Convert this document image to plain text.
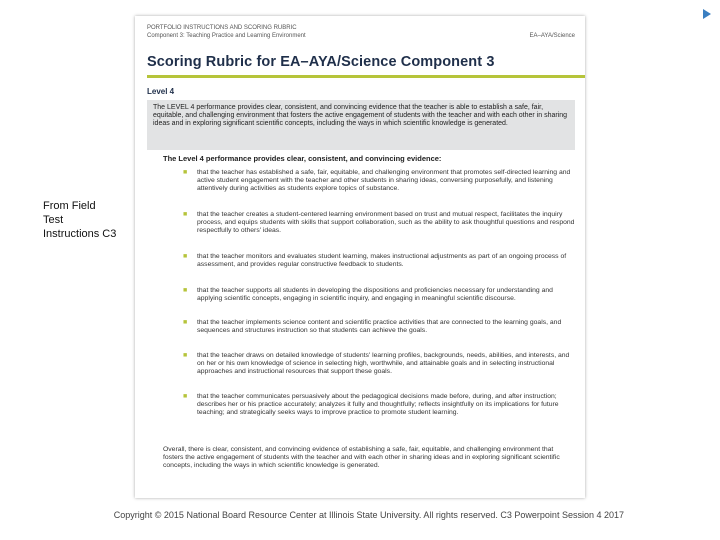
From Field Test Instructions C3
PORTFOLIO INSTRUCTIONS AND SCORING RUBRIC
Component 3: Teaching Practice and Learning Environment	EA–AYA/Science
Scoring Rubric for EA–AYA/Science Component 3
Level 4
The LEVEL 4 performance provides clear, consistent, and convincing evidence that the teacher is able to establish a safe, fair, equitable, and challenging environment that fosters the active engagement of students with the teacher and with each other in sharing ideas and in exploring significant scientific concepts, including the ways in which scientific knowledge is generated.
The Level 4 performance provides clear, consistent, and convincing evidence:
■ that the teacher has established a safe, fair, equitable, and challenging environment that promotes self-directed learning and active student engagement with the teacher and other students in sharing ideas, conversing purposefully, and listening attentively during activities as students explore topics of substance.
■ that the teacher creates a student-centered learning environment based on trust and mutual respect, facilitates the inquiry process, and equips students with skills that support collaboration, such as the ability to ask thoughtful questions and respond respectfully to others' ideas.
■ that the teacher monitors and evaluates student learning, makes instructional adjustments as part of an ongoing process of assessment, and provides regular constructive feedback to students.
■ that the teacher supports all students in developing the dispositions and proficiencies necessary for understanding and applying scientific concepts, engaging in scientific inquiry, and engaging in meaningful scientific discourse.
■ that the teacher implements science content and scientific practice activities that are connected to the learning goals, and sequences and structures instruction so that students can achieve the goals.
■ that the teacher draws on detailed knowledge of students' learning profiles, backgrounds, needs, abilities, and interests, and on her or his own knowledge of science in selecting high, worthwhile, and attainable goals and in selecting instructional approaches and instructional resources that support these goals.
■ that the teacher communicates persuasively about the pedagogical decisions made before, during, and after instruction; describes her or his practice accurately; analyzes it fully and thoughtfully; reflects insightfully on its implications for future teaching; and strategically seeks ways to improve practice to promote student learning.
Overall, there is clear, consistent, and convincing evidence of establishing a safe, fair, equitable, and challenging environment that fosters the active engagement of students with the teacher and with each other in sharing ideas and in exploring significant scientific concepts, including the ways in which scientific knowledge is generated.
Copyright © 2015 National Board Resource Center at Illinois State University. All rights reserved. C3 Powerpoint Session 4 2017
